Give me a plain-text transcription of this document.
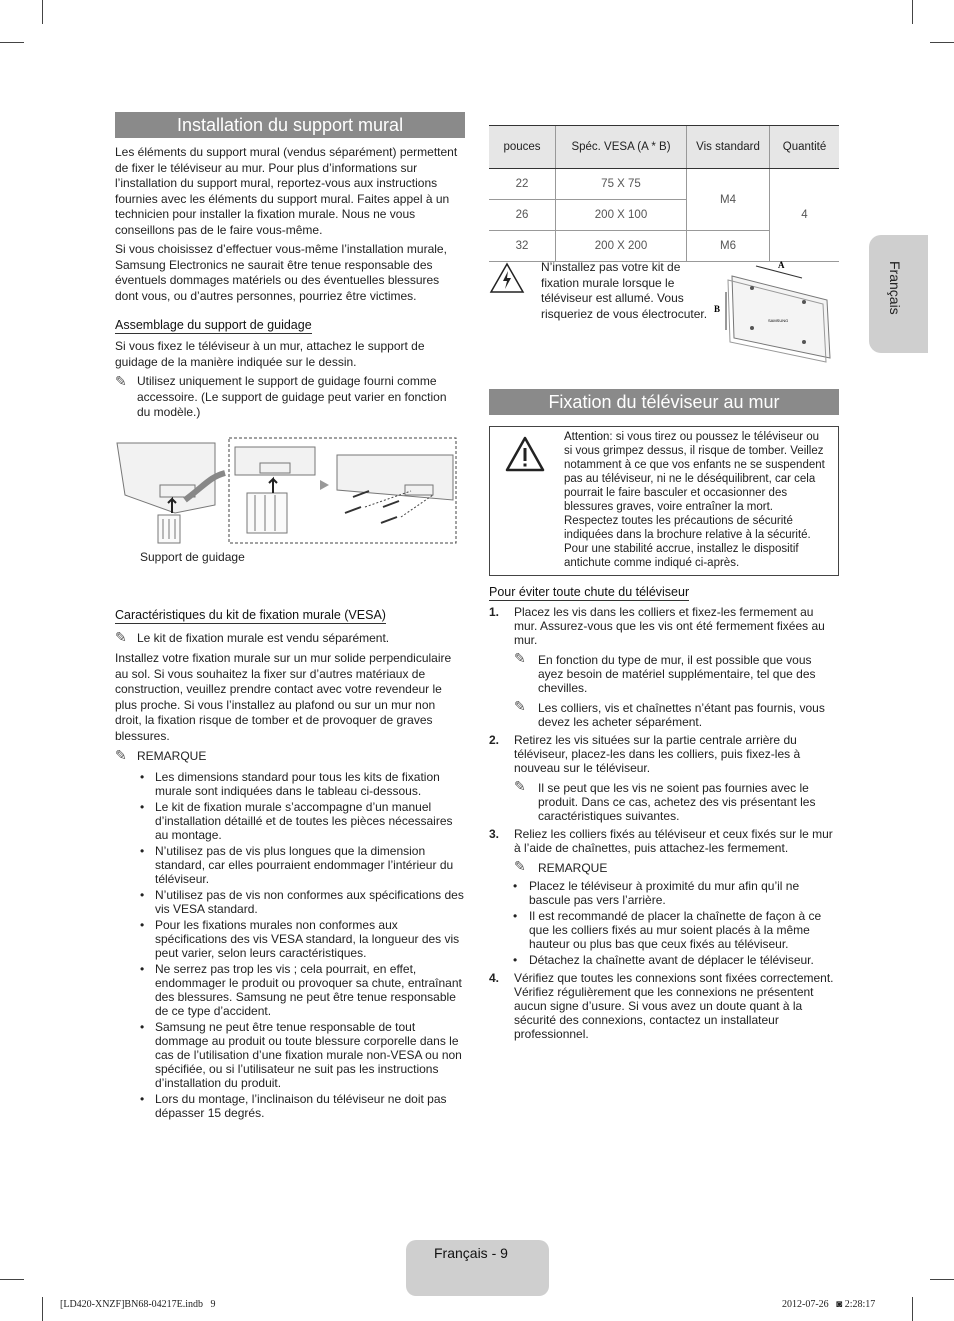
Installation du support mural
Les éléments du support mural (vendus séparément) permettent de fixer le téléviseur au mur. Pour plus d’informations sur l’installation du support mural, reportez-vous aux instructions fournies avec les éléments du support mural. Faites appel à un technicien pour installer la fixation murale. Nous ne vous conseillons pas de le faire vous-même.
Si vous choisissez d’effectuer vous-même l’installation murale, Samsung Electronics ne saurait être tenue responsable des éventuels dommages matériels ou des éventuelles blessures dont vous, ou d’autres personnes, pourriez être victimes.
Assemblage du support de guidage
Si vous fixez le téléviseur à un mur, attachez le support de guidage de la manière indiquée sur le dessin.
✎ Utilisez uniquement le support de guidage fourni comme accessoire. (Le support de guidage peut varier en fonction du modèle.)
Support de guidage
Caractéristiques du kit de fixation murale (VESA)
✎ Le kit de fixation murale est vendu séparément.
Installez votre fixation murale sur un mur solide perpendiculaire au sol. Si vous souhaitez la fixer sur d’autres matériaux de construction, veuillez prendre contact avec votre revendeur le plus proche. Si vous l’installez au plafond ou sur un mur non droit, la fixation risque de tomber et de provoquer de graves blessures.
✎ REMARQUE
• Les dimensions standard pour tous les kits de fixation murale sont indiquées dans le tableau ci-dessous.
• Le kit de fixation murale s’accompagne d’un manuel d’installation détaillé et de toutes les pièces nécessaires au montage.
• N’utilisez pas de vis plus longues que la dimension standard, car elles pourraient endommager l’intérieur du téléviseur.
• N’utilisez pas de vis non conformes aux spécifications des vis VESA standard.
• Pour les fixations murales non conformes aux spécifications des vis VESA standard, la longueur des vis peut varier, selon leurs caractéristiques.
• Ne serrez pas trop les vis ; cela pourrait, en effet, endommager le produit ou provoquer sa chute, entraînant des blessures. Samsung ne peut être tenue responsable de ce type d’accident.
• Samsung ne peut être tenue responsable de tout dommage au produit ou toute blessure corporelle dans le cas de l’utilisation d’une fixation murale non-VESA ou non spécifiée, ou si l’utilisateur ne suit pas les instructions d’installation du produit.
• Lors du montage, l’inclinaison du téléviseur ne doit pas dépasser 15 degrés.
pouces	Spéc. VESA (A * B)	Vis standard	Quantité
22	75 X 75	M4	4
26	200 X 100		
32	200 X 200	M6	
N’installez pas votre kit de fixation murale lorsque le téléviseur est allumé. Vous risqueriez de vous électrocuter.
A
B
SAMSUNG
Fixation du téléviseur au mur
Attention: si vous tirez ou poussez le téléviseur ou si vous grimpez dessus, il risque de tomber. Veillez notamment à ce que vos enfants ne se suspendent pas au téléviseur, ni ne le déséquilibrent, car cela pourrait le faire basculer et occasionner des blessures graves, voire entraîner la mort. Respectez toutes les précautions de sécurité indiquées dans la brochure relative à la sécurité. Pour une stabilité accrue, installez le dispositif antichute comme indiqué ci-après.
Pour éviter toute chute du téléviseur
1. Placez les vis dans les colliers et fixez-les fermement au mur. Assurez-vous que les vis ont été fermement fixées au mur.
✎	En fonction du type de mur, il est possible que vous ayez besoin de matériel supplémentaire, tel que des chevilles.
✎	Les colliers, vis et chaînettes n’étant pas fournis, vous devez les acheter séparément.
2. Retirez les vis situées sur la partie centrale arrière du téléviseur, placez-les dans les colliers, puis fixez-les à nouveau sur le téléviseur.
✎	Il se peut que les vis ne soient pas fournies avec le produit. Dans ce cas, achetez des vis présentant les caractéristiques suivantes.
3. Reliez les colliers fixés au téléviseur et ceux fixés sur le mur à l’aide de chaînettes, puis attachez-les fermement.
✎	REMARQUE
• Placez le téléviseur à proximité du mur afin qu’il ne bascule pas vers l’arrière.
• Il est recommandé de placer la chaînette de façon à ce que les colliers fixés au mur soient placés à la même hauteur ou plus bas que ceux fixés au téléviseur.
• Détachez la chaînette avant de déplacer le téléviseur.
4. Vérifiez que toutes les connexions sont fixées correctement. Vérifiez régulièrement que les connexions ne présentent aucun signe d’usure. Si vous avez un doute quant à la sécurité des connexions, contactez un installateur professionnel.
Français
Français - 9
[LD420-XNZF]BN68-04217E.indb   9	2012-07-26   ◙ 2:28:17
